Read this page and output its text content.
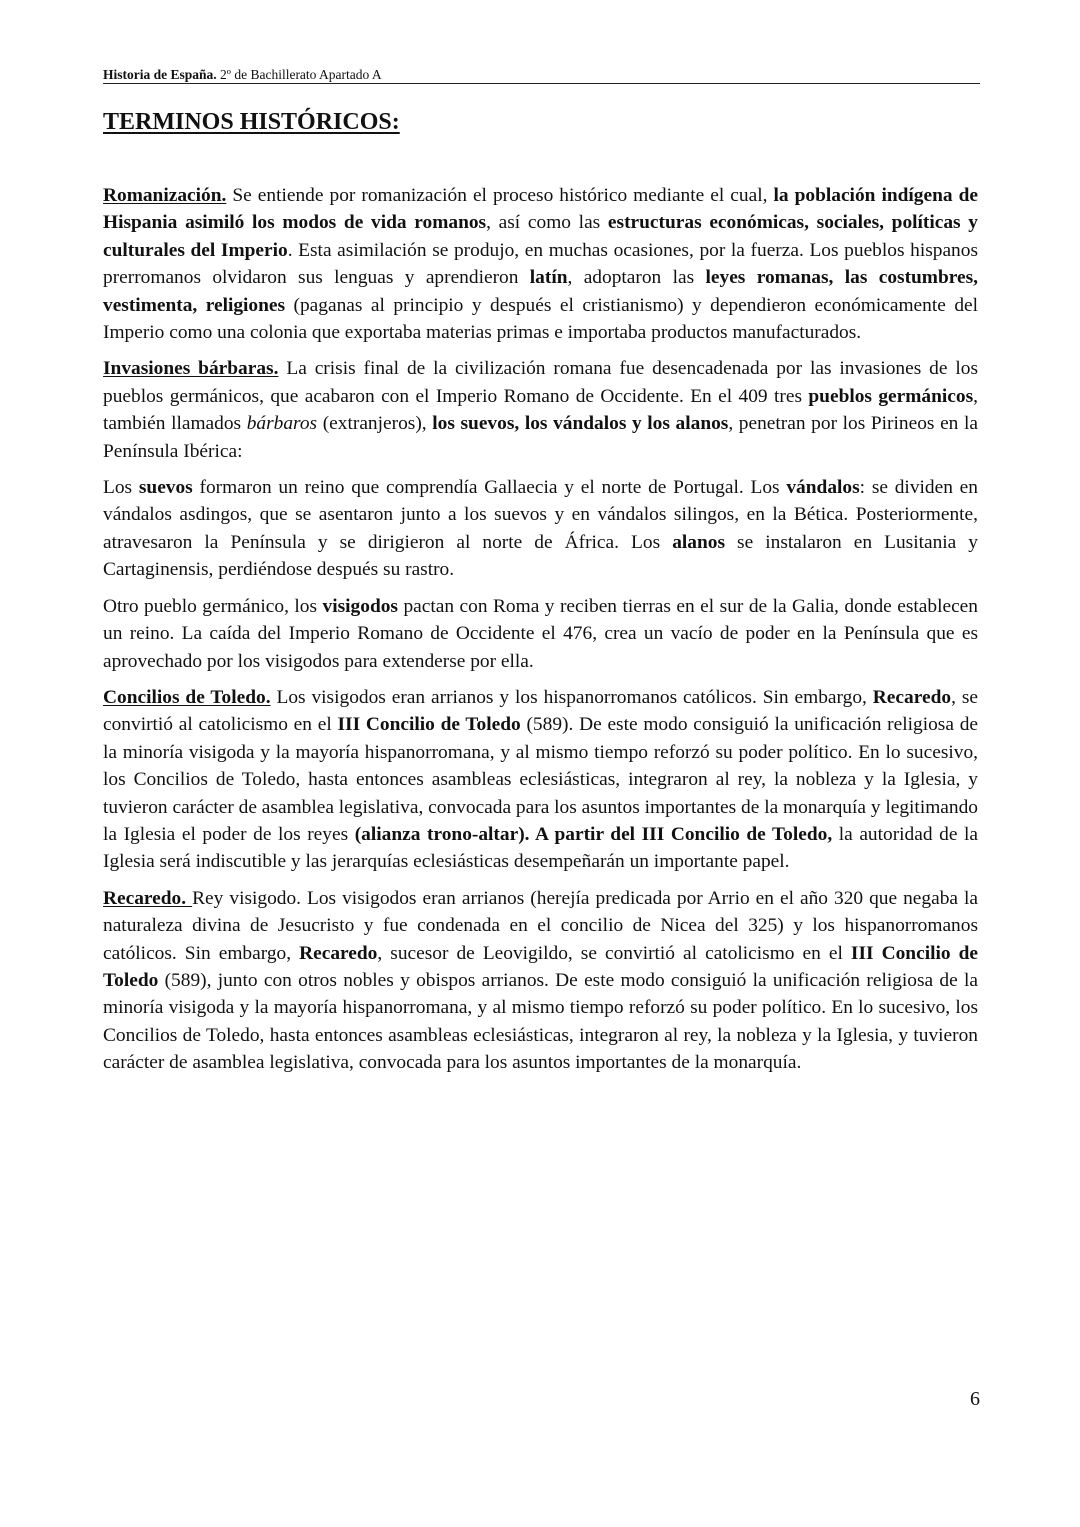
Historia de España. 2º de Bachillerato Apartado A
TERMINOS HISTÓRICOS:

Romanización. Se entiende por romanización el proceso histórico mediante el cual, la población indígena de Hispania asimiló los modos de vida romanos, así como las estructuras económicas, sociales, políticas y culturales del Imperio. Esta asimilación se produjo, en muchas ocasiones, por la fuerza. Los pueblos hispanos prerromanos olvidaron sus lenguas y aprendieron latín, adoptaron las leyes romanas, las costumbres, vestimenta, religiones (paganas al principio y después el cristianismo) y dependieron económicamente del Imperio como una colonia que exportaba materias primas e importaba productos manufacturados.

Invasiones bárbaras. La crisis final de la civilización romana fue desencadenada por las invasiones de los pueblos germánicos, que acabaron con el Imperio Romano de Occidente. En el 409 tres pueblos germánicos, también llamados bárbaros (extranjeros), los suevos, los vándalos y los alanos, penetran por los Pirineos en la Península Ibérica:

Los suevos formaron un reino que comprendía Gallaecia y el norte de Portugal. Los vándalos: se dividen en vándalos asdingos, que se asentaron junto a los suevos y en vándalos silingos, en la Bética. Posteriormente, atravesaron la Península y se dirigieron al norte de África. Los alanos se instalaron en Lusitania y Cartaginensis, perdiéndose después su rastro.

Otro pueblo germánico, los visigodos pactan con Roma y reciben tierras en el sur de la Galia, donde establecen un reino. La caída del Imperio Romano de Occidente el 476, crea un vacío de poder en la Península que es aprovechado por los visigodos para extenderse por ella.

Concilios de Toledo. Los visigodos eran arrianos y los hispanorromanos católicos. Sin embargo, Recaredo, se convirtió al catolicismo en el III Concilio de Toledo (589). De este modo consiguió la unificación religiosa de la minoría visigoda y la mayoría hispanorromana, y al mismo tiempo reforzó su poder político. En lo sucesivo, los Concilios de Toledo, hasta entonces asambleas eclesiásticas, integraron al rey, la nobleza y la Iglesia, y tuvieron carácter de asamblea legislativa, convocada para los asuntos importantes de la monarquía y legitimando la Iglesia el poder de los reyes (alianza trono-altar). A partir del III Concilio de Toledo, la autoridad de la Iglesia será indiscutible y las jerarquías eclesiásticas desempeñarán un importante papel.

Recaredo. Rey visigodo. Los visigodos eran arrianos (herejía predicada por Arrio en el año 320 que negaba la naturaleza divina de Jesucristo y fue condenada en el concilio de Nicea del 325) y los hispanorromanos católicos. Sin embargo, Recaredo, sucesor de Leovigildo, se convirtió al catolicismo en el III Concilio de Toledo (589), junto con otros nobles y obispos arrianos. De este modo consiguió la unificación religiosa de la minoría visigoda y la mayoría hispanorromana, y al mismo tiempo reforzó su poder político. En lo sucesivo, los Concilios de Toledo, hasta entonces asambleas eclesiásticas, integraron al rey, la nobleza y la Iglesia, y tuvieron carácter de asamblea legislativa, convocada para los asuntos importantes de la monarquía.

6
